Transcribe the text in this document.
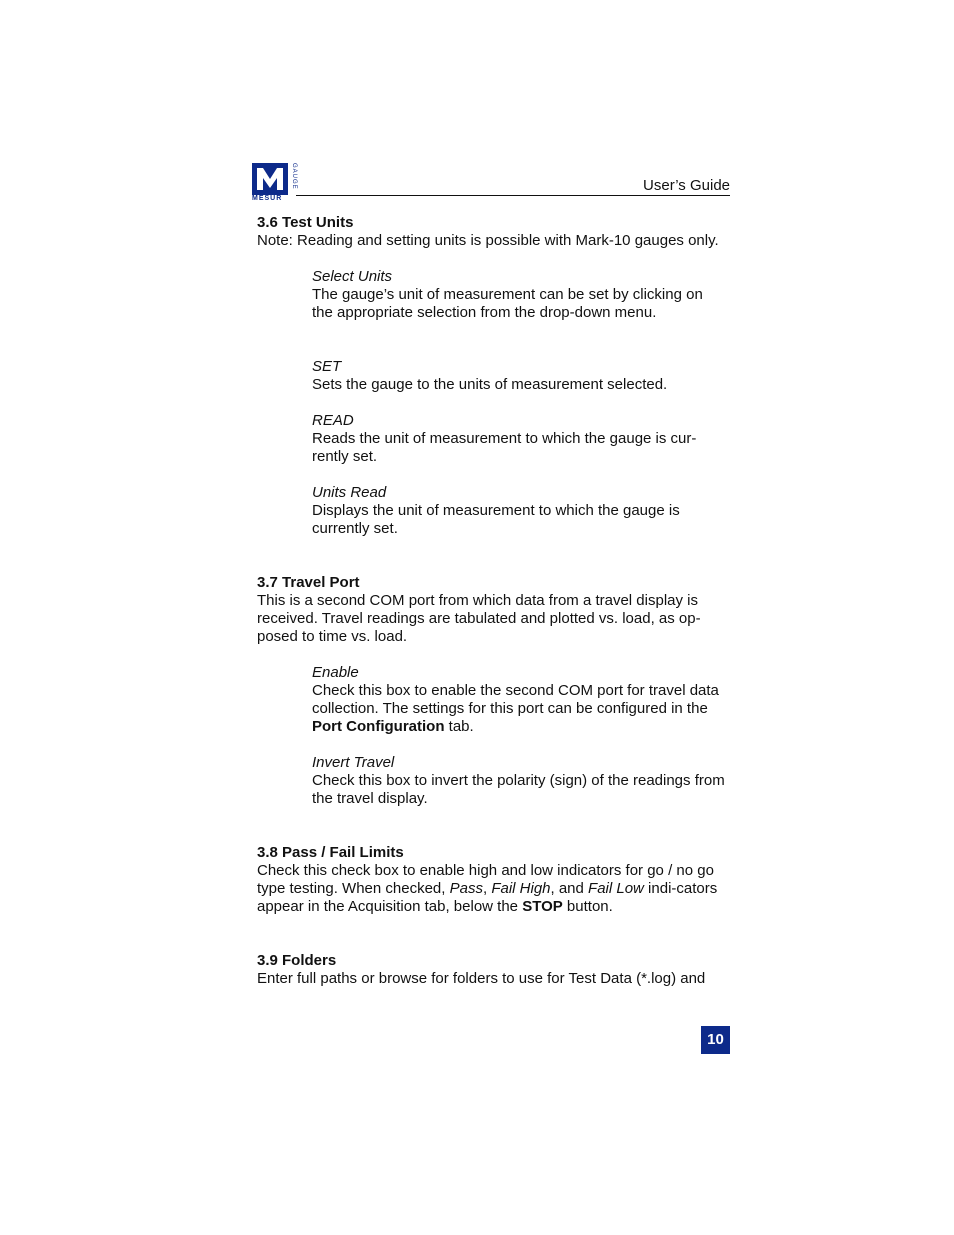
MESUR
GAUGE	User’s Guide

3.6 Test Units

Note: Reading and setting units is possible with Mark-10 gauges only.

Select Units

The gauge’s unit of measurement can be set by clicking on the appropriate selection from the drop-down menu.

SET

Sets the gauge to the units of measurement selected.

READ

Reads the unit of measurement to which the gauge is cur-rently set.

Units Read

Displays the unit of measurement to which the gauge is currently set.

3.7 Travel Port

This is a second COM port from which data from a travel display is received. Travel readings are tabulated and plotted vs. load, as op-posed to time vs. load.

Enable

Check this box to enable the second COM port for travel data collection. The settings for this port can be configured in the Port Configuration tab.

Invert Travel

Check this box to invert the polarity (sign) of the readings from the travel display.

3.8 Pass / Fail Limits

Check this check box to enable high and low indicators for go / no go type testing. When checked, Pass, Fail High, and Fail Low indi-cators appear in the Acquisition tab, below the STOP button.

3.9 Folders

Enter full paths or browse for folders to use for Test Data (*.log) and

10
